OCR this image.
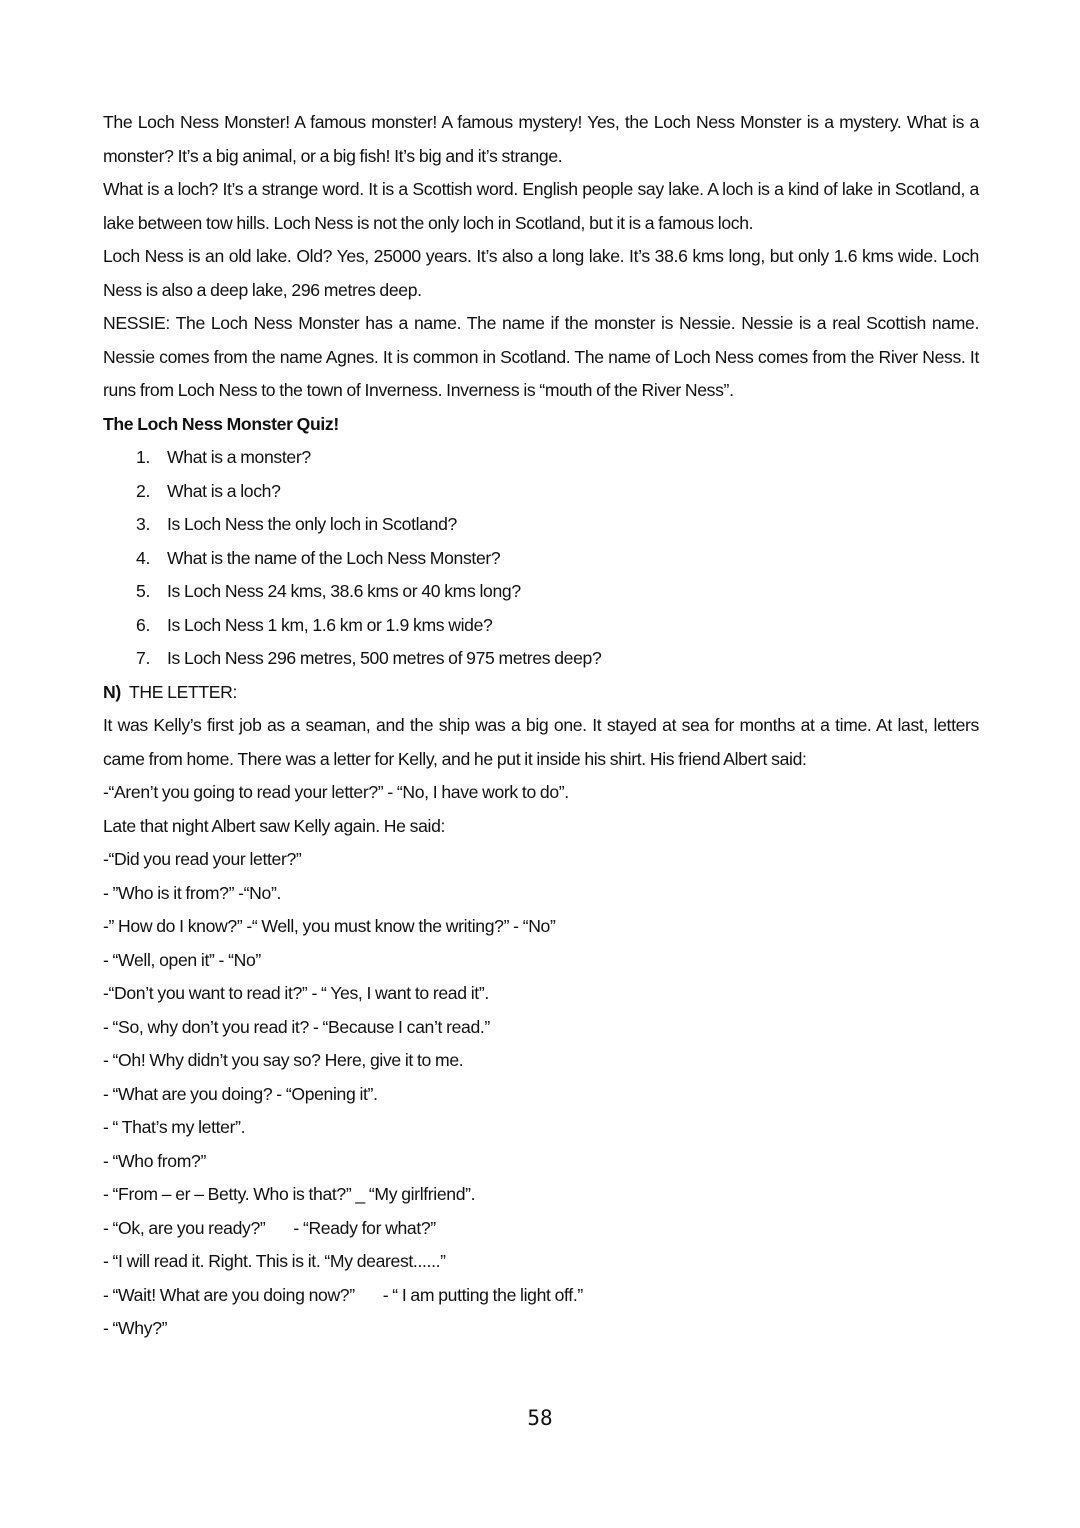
The Loch Ness Monster! A famous monster! A famous mystery! Yes, the Loch Ness Monster is a mystery. What is a monster? It’s a big animal, or a big fish! It’s big and it’s strange.

What is a loch? It’s a strange word. It is a Scottish word. English people say lake. A loch is a kind of lake in Scotland, a lake between tow hills. Loch Ness is not the only loch in Scotland, but it is a famous loch.

Loch Ness is an old lake. Old? Yes, 25000 years. It’s also a long lake. It’s 38.6 kms long, but only 1.6 kms wide. Loch Ness is also a deep lake, 296 metres deep.

NESSIE: The Loch Ness Monster has a name. The name if the monster is Nessie. Nessie is a real Scottish name. Nessie comes from the name Agnes. It is common in Scotland. The name of Loch Ness comes from the River Ness. It runs from Loch Ness to the town of Inverness. Inverness is “mouth of the River Ness”.

The Loch Ness Monster Quiz!

1. What is a monster?
2. What is a loch?
3. Is Loch Ness the only loch in Scotland?
4. What is the name of the Loch Ness Monster?
5. Is Loch Ness 24 kms, 38.6 kms or 40 kms long?
6. Is Loch Ness 1 km, 1.6 km or 1.9 kms wide?
7. Is Loch Ness 296 metres, 500 metres of 975 metres deep?

N) THE LETTER:

It was Kelly’s first job as a seaman, and the ship was a big one. It stayed at sea for months at a time. At last, letters came from home. There was a letter for Kelly, and he put it inside his shirt. His friend Albert said:

-“Aren’t you going to read your letter?” - “No, I have work to do”.

Late that night Albert saw Kelly again. He said:

-“Did you read your letter?”

- ”Who is it from?” -“No”.

-” How do I know?” -“ Well, you must know the writing?” - “No”

- “Well, open it” - “No”

-“Don’t you want to read it?” - “ Yes, I want to read it”.

- “So, why don’t you read it? - “Because I can’t read.”

- “Oh! Why didn’t you say so? Here, give it to me.

- “What are you doing? - “Opening it”.

- “ That’s my letter”.

- “Who from?”

- “From – er – Betty. Who is that?” _ “My girlfriend”.

- “Ok, are you ready?” - “Ready for what?”

- “I will read it. Right. This is it. “My dearest......”

- “Wait! What are you doing now?” - “ I am putting the light off.”

- “Why?”

58
